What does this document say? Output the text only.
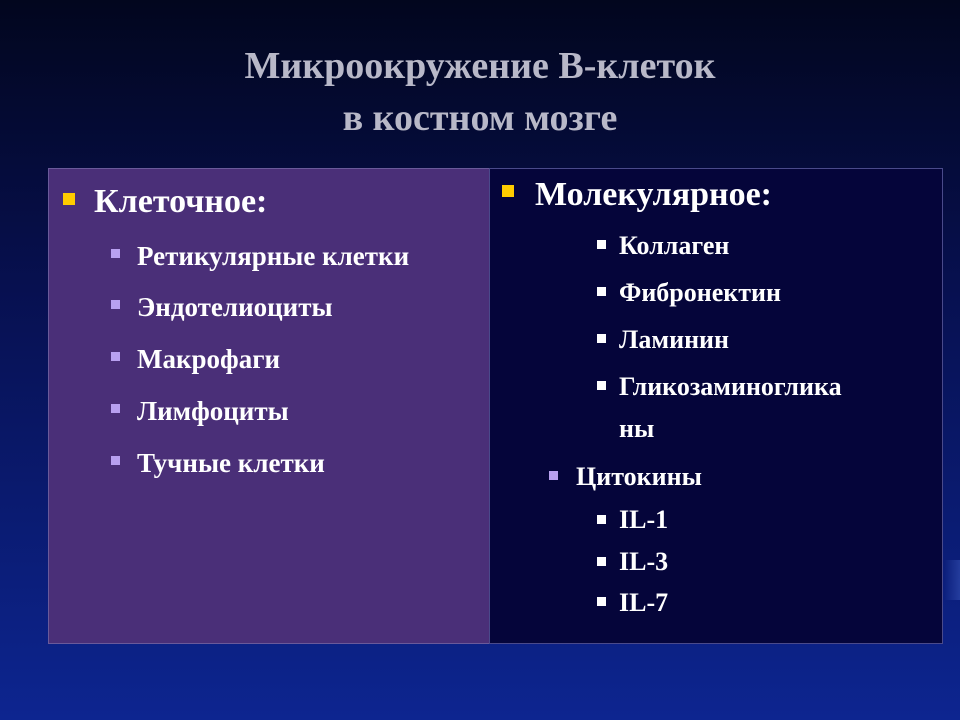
Микроокружение В-клеток
в костном мозге
Клеточное:
Ретикулярные клетки
Эндотелиоциты
Макрофаги
Лимфоциты
Тучные клетки
Молекулярное:
Коллаген
Фибронектин
Ламинин
Гликозаминоглика
ны
Цитокины
IL-1
IL-3
IL-7
